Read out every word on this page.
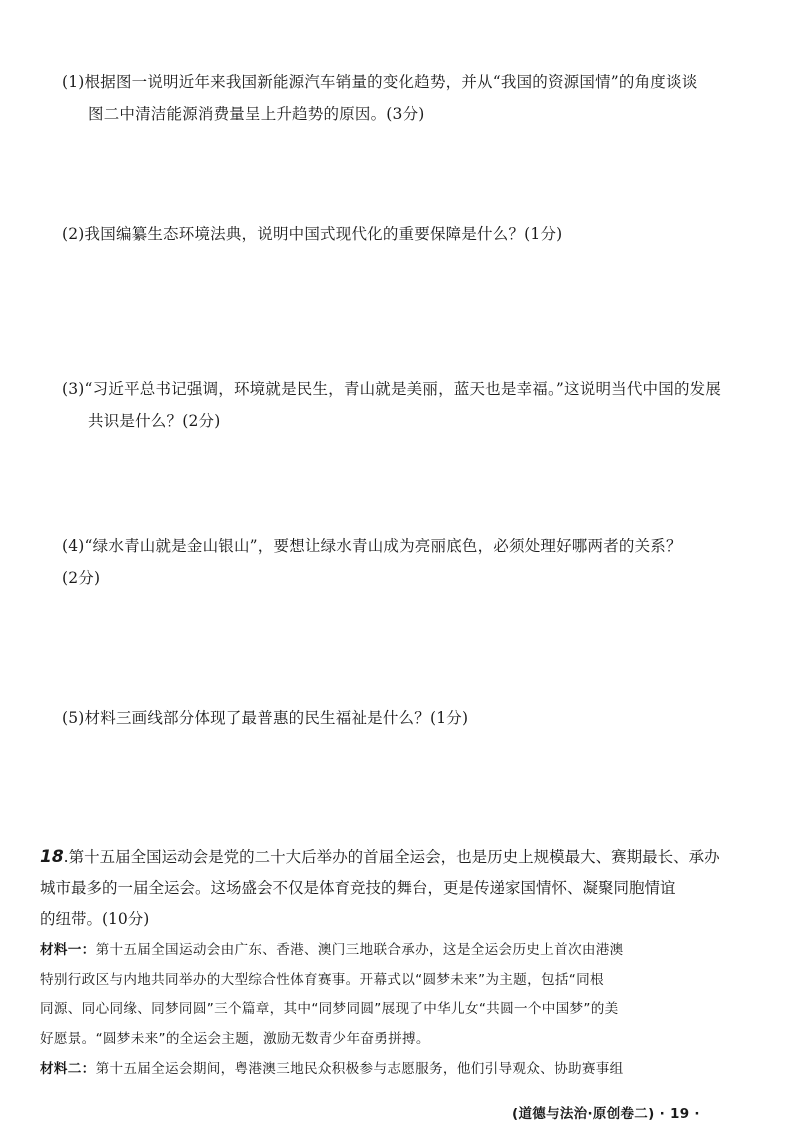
(1)根据图一说明近年来我国新能源汽车销量的变化趋势，并从“我国的资源国情”的角度谈谈
图二中清洁能源消费量呈上升趋势的原因。(3分)
(2)我国编纂生态环境法典，说明中国式现代化的重要保障是什么？(1分)
(3)“习近平总书记强调，环境就是民生，青山就是美丽，蓝天也是幸福。”这说明当代中国的发展
共识是什么？(2分)
(4)“绿水青山就是金山银山”，要想让绿水青山成为亮丽底色，必须处理好哪两者的关系？
(2分)
(5)材料三画线部分体现了最普惠的民生福祉是什么？(1分)
18.第十五届全国运动会是党的二十大后举办的首届全运会，也是历史上规模最大、赛期最长、承办
城市最多的一届全运会。这场盛会不仅是体育竞技的舞台，更是传递家国情怀、凝聚同胞情谊
的纽带。(10分)
材料一：第十五届全国运动会由广东、香港、澳门三地联合承办，这是全运会历史上首次由港澳
特别行政区与内地共同举办的大型综合性体育赛事。开幕式以“圆梦未来”为主题，包括“同根
同源、同心同缘、同梦同圆”三个篇章，其中“同梦同圆”展现了中华儿女“共圆一个中国梦”的美
好愿景。“圆梦未来”的全运会主题，激励无数青少年奋勇拼搏。
材料二：第十五届全运会期间，粤港澳三地民众积极参与志愿服务，他们引导观众、协助赛事组
(道德与法治·原创卷二) · 19 ·
